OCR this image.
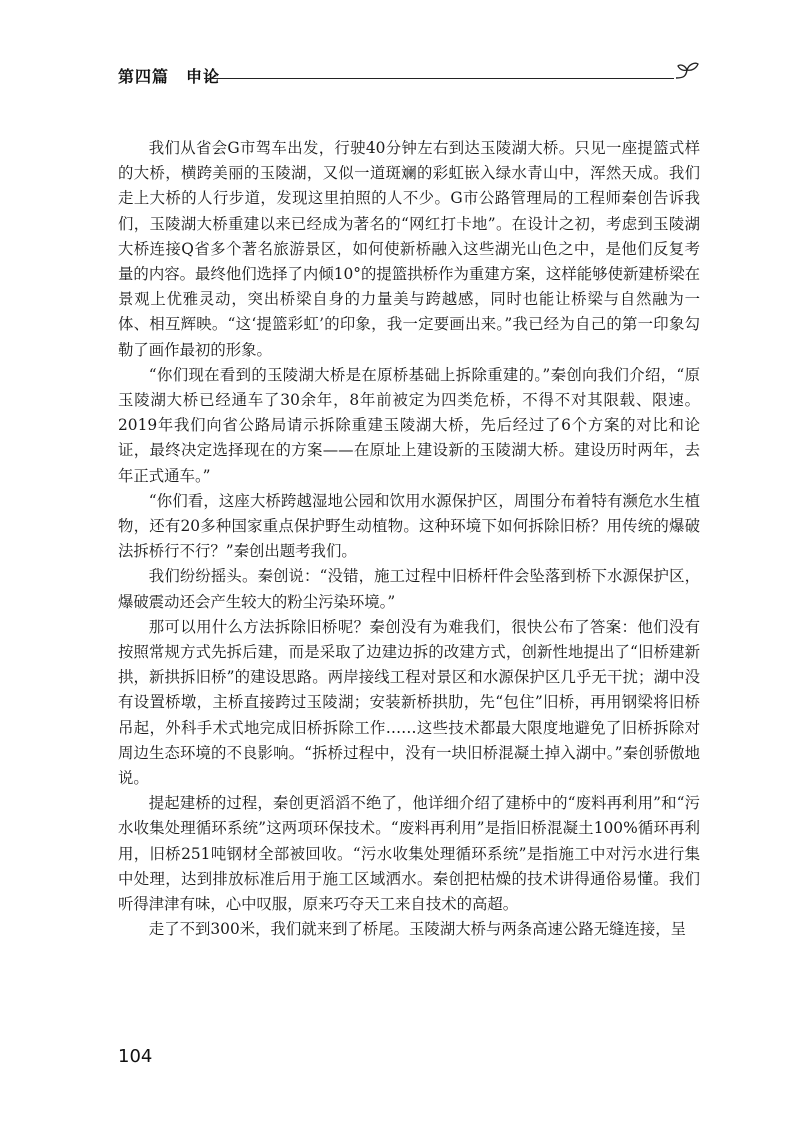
第四篇　申论

我们从省会G市驾车出发，行驶40分钟左右到达玉陵湖大桥。只见一座提篮式样的大桥，横跨美丽的玉陵湖，又似一道斑斓的彩虹嵌入绿水青山中，浑然天成。我们走上大桥的人行步道，发现这里拍照的人不少。G市公路管理局的工程师秦创告诉我们，玉陵湖大桥重建以来已经成为著名的“网红打卡地”。在设计之初，考虑到玉陵湖大桥连接Q省多个著名旅游景区，如何使新桥融入这些湖光山色之中，是他们反复考量的内容。最终他们选择了内倾10°的提篮拱桥作为重建方案，这样能够使新建桥梁在景观上优雅灵动，突出桥梁自身的力量美与跨越感，同时也能让桥梁与自然融为一体、相互辉映。“这‘提篮彩虹’的印象，我一定要画出来。”我已经为自己的第一印象勾勒了画作最初的形象。

“你们现在看到的玉陵湖大桥是在原桥基础上拆除重建的。”秦创向我们介绍，“原玉陵湖大桥已经通车了30余年，8年前被定为四类危桥，不得不对其限载、限速。2019年我们向省公路局请示拆除重建玉陵湖大桥，先后经过了6个方案的对比和论证，最终决定选择现在的方案——在原址上建设新的玉陵湖大桥。建设历时两年，去年正式通车。”

“你们看，这座大桥跨越湿地公园和饮用水源保护区，周围分布着特有濒危水生植物，还有20多种国家重点保护野生动植物。这种环境下如何拆除旧桥？用传统的爆破法拆桥行不行？”秦创出题考我们。

我们纷纷摇头。秦创说：“没错，施工过程中旧桥杆件会坠落到桥下水源保护区，爆破震动还会产生较大的粉尘污染环境。”

那可以用什么方法拆除旧桥呢？秦创没有为难我们，很快公布了答案：他们没有按照常规方式先拆后建，而是采取了边建边拆的改建方式，创新性地提出了“旧桥建新拱，新拱拆旧桥”的建设思路。两岸接线工程对景区和水源保护区几乎无干扰；湖中没有设置桥墩，主桥直接跨过玉陵湖；安装新桥拱肋，先“包住”旧桥，再用钢梁将旧桥吊起，外科手术式地完成旧桥拆除工作……这些技术都最大限度地避免了旧桥拆除对周边生态环境的不良影响。“拆桥过程中，没有一块旧桥混凝土掉入湖中。”秦创骄傲地说。

提起建桥的过程，秦创更滔滔不绝了，他详细介绍了建桥中的“废料再利用”和“污水收集处理循环系统”这两项环保技术。“废料再利用”是指旧桥混凝土100%循环再利用，旧桥251吨钢材全部被回收。“污水收集处理循环系统”是指施工中对污水进行集中处理，达到排放标准后用于施工区域洒水。秦创把枯燥的技术讲得通俗易懂。我们听得津津有味，心中叹服，原来巧夺天工来自技术的高超。

走了不到300米，我们就来到了桥尾。玉陵湖大桥与两条高速公路无缝连接，呈

104
